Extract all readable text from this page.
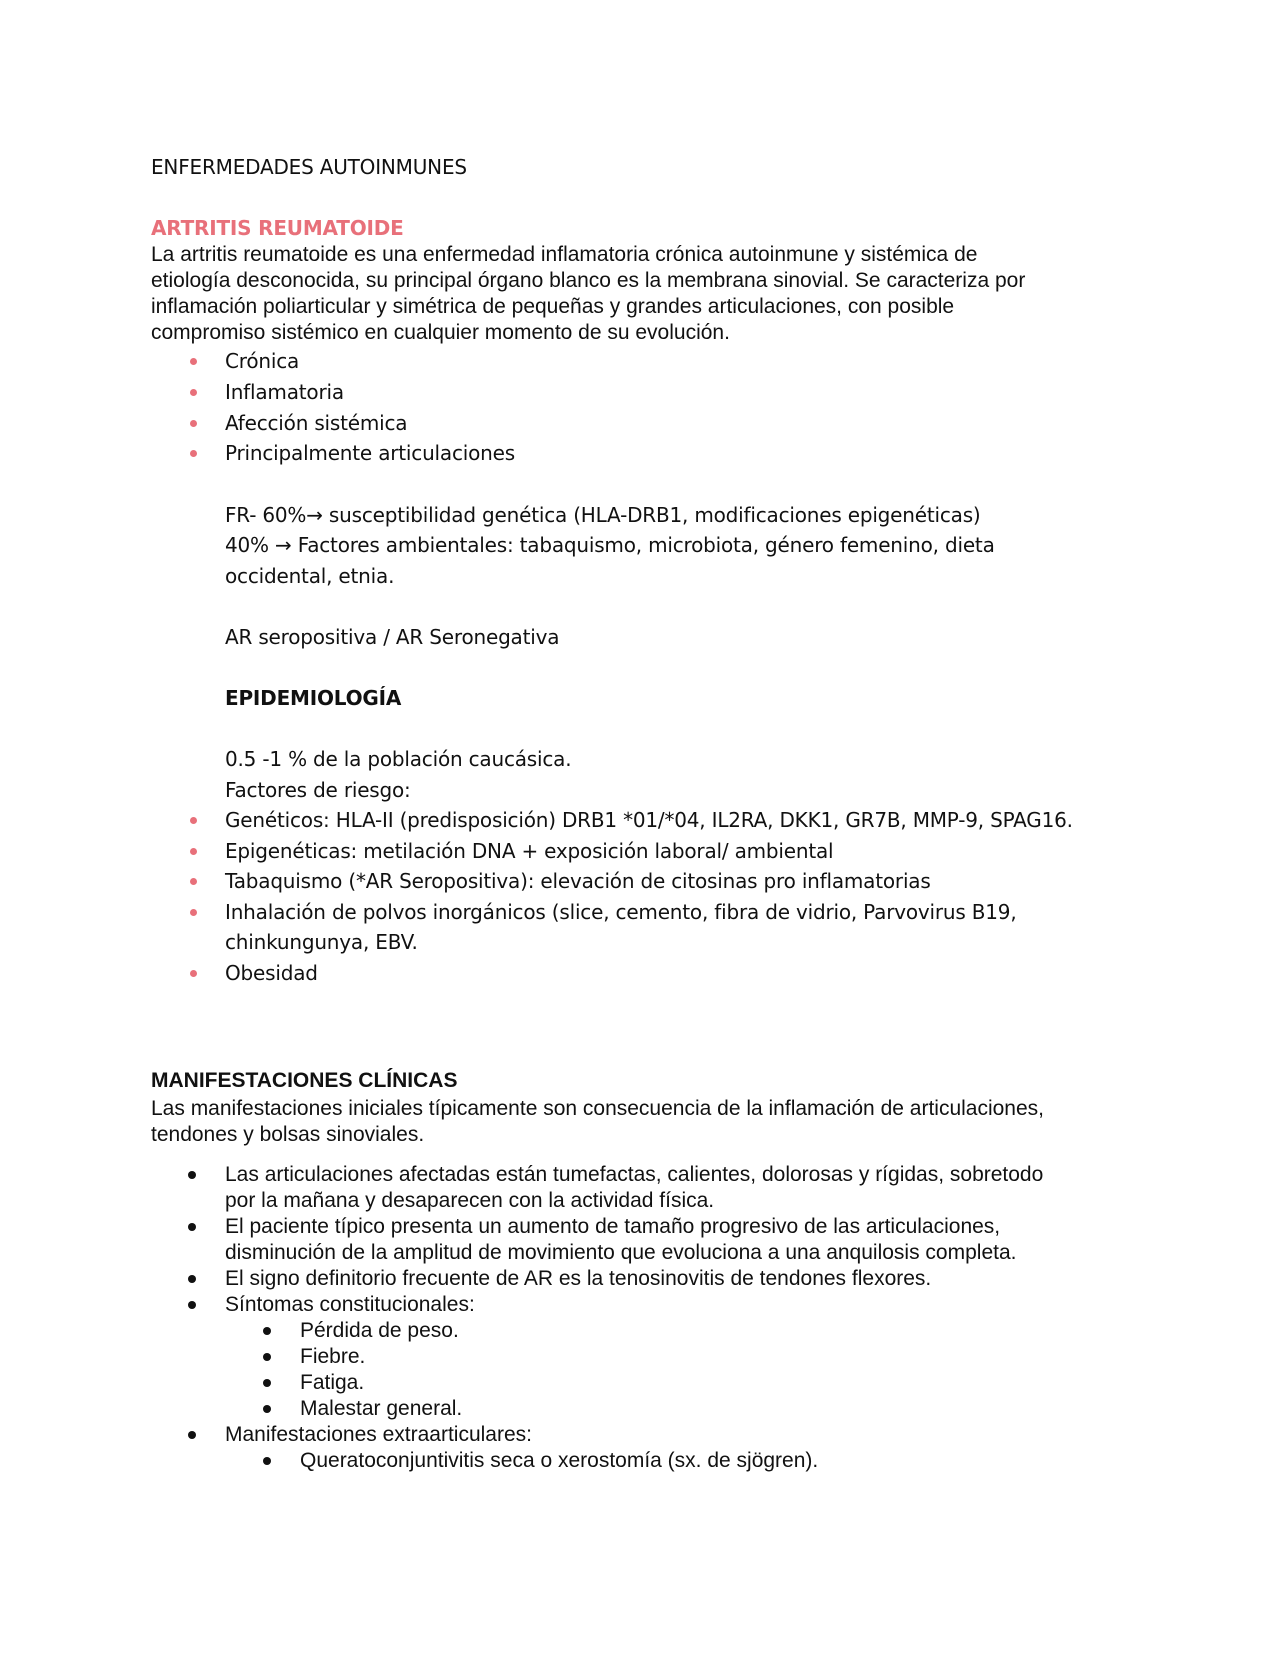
ENFERMEDADES AUTOINMUNES
ARTRITIS REUMATOIDE
La artritis reumatoide es una enfermedad inflamatoria crónica autoinmune y sistémica de
etiología desconocida, su principal órgano blanco es la membrana sinovial. Se caracteriza por
inflamación poliarticular y simétrica de pequeñas y grandes articulaciones, con posible
compromiso sistémico en cualquier momento de su evolución.
Crónica
Inflamatoria
Afección sistémica
Principalmente articulaciones
FR- 60%→ susceptibilidad genética (HLA-DRB1, modificaciones epigenéticas)
40% → Factores ambientales: tabaquismo, microbiota, género femenino, dieta
occidental, etnia.
AR seropositiva / AR Seronegativa
EPIDEMIOLOGÍA
0.5 -1 % de la población caucásica.
Factores de riesgo:
Genéticos: HLA-II (predisposición) DRB1 *01/*04, IL2RA, DKK1, GR7B, MMP-9, SPAG16.
Epigenéticas: metilación DNA + exposición laboral/ ambiental
Tabaquismo (*AR Seropositiva): elevación de citosinas pro inflamatorias
Inhalación de polvos inorgánicos (slice, cemento, fibra de vidrio, Parvovirus B19,
chinkungunya, EBV.
Obesidad
MANIFESTACIONES CLÍNICAS
Las manifestaciones iniciales típicamente son consecuencia de la inflamación de articulaciones,
tendones y bolsas sinoviales.
Las articulaciones afectadas están tumefactas, calientes, dolorosas y rígidas, sobretodo
por la mañana y desaparecen con la actividad física.
El paciente típico presenta un aumento de tamaño progresivo de las articulaciones,
disminución de la amplitud de movimiento que evoluciona a una anquilosis completa.
El signo definitorio frecuente de AR es la tenosinovitis de tendones flexores.
Síntomas constitucionales:
Pérdida de peso.
Fiebre.
Fatiga.
Malestar general.
Manifestaciones extraarticulares:
Queratoconjuntivitis seca o xerostomía (sx. de sjögren).
